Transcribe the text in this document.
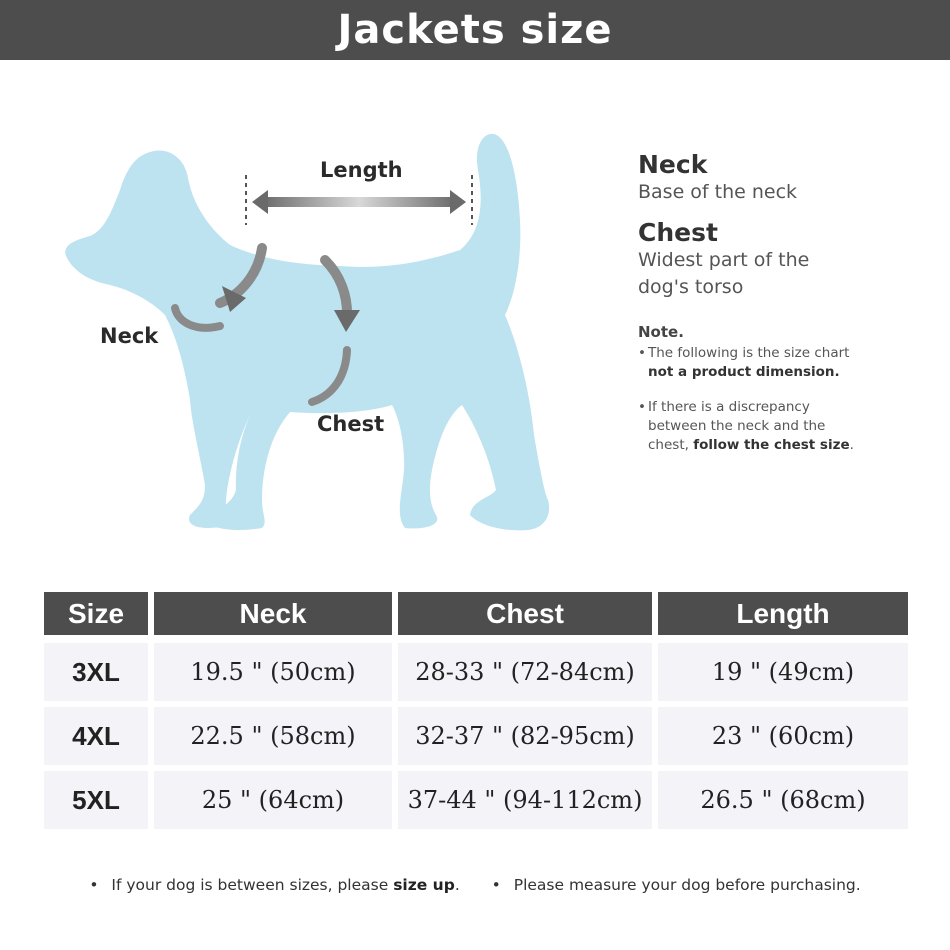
Jackets size
Length
Neck
Chest
Neck
Base of the neck
Chest
Widest part of the
dog's torso
Note.
• The following is the size chart
not a product dimension.
• If there is a discrepancy
between the neck and the
chest, follow the chest size.
Size	Neck	Chest	Length
3XL	19.5 " (50cm)	28-33 " (72-84cm)	19 " (49cm)
4XL	22.5 " (58cm)	32-37 " (82-95cm)	23 " (60cm)
5XL	25 " (64cm)	37-44 " (94-112cm)	26.5 " (68cm)
• If your dog is between sizes, please size up. • Please measure your dog before purchasing.
